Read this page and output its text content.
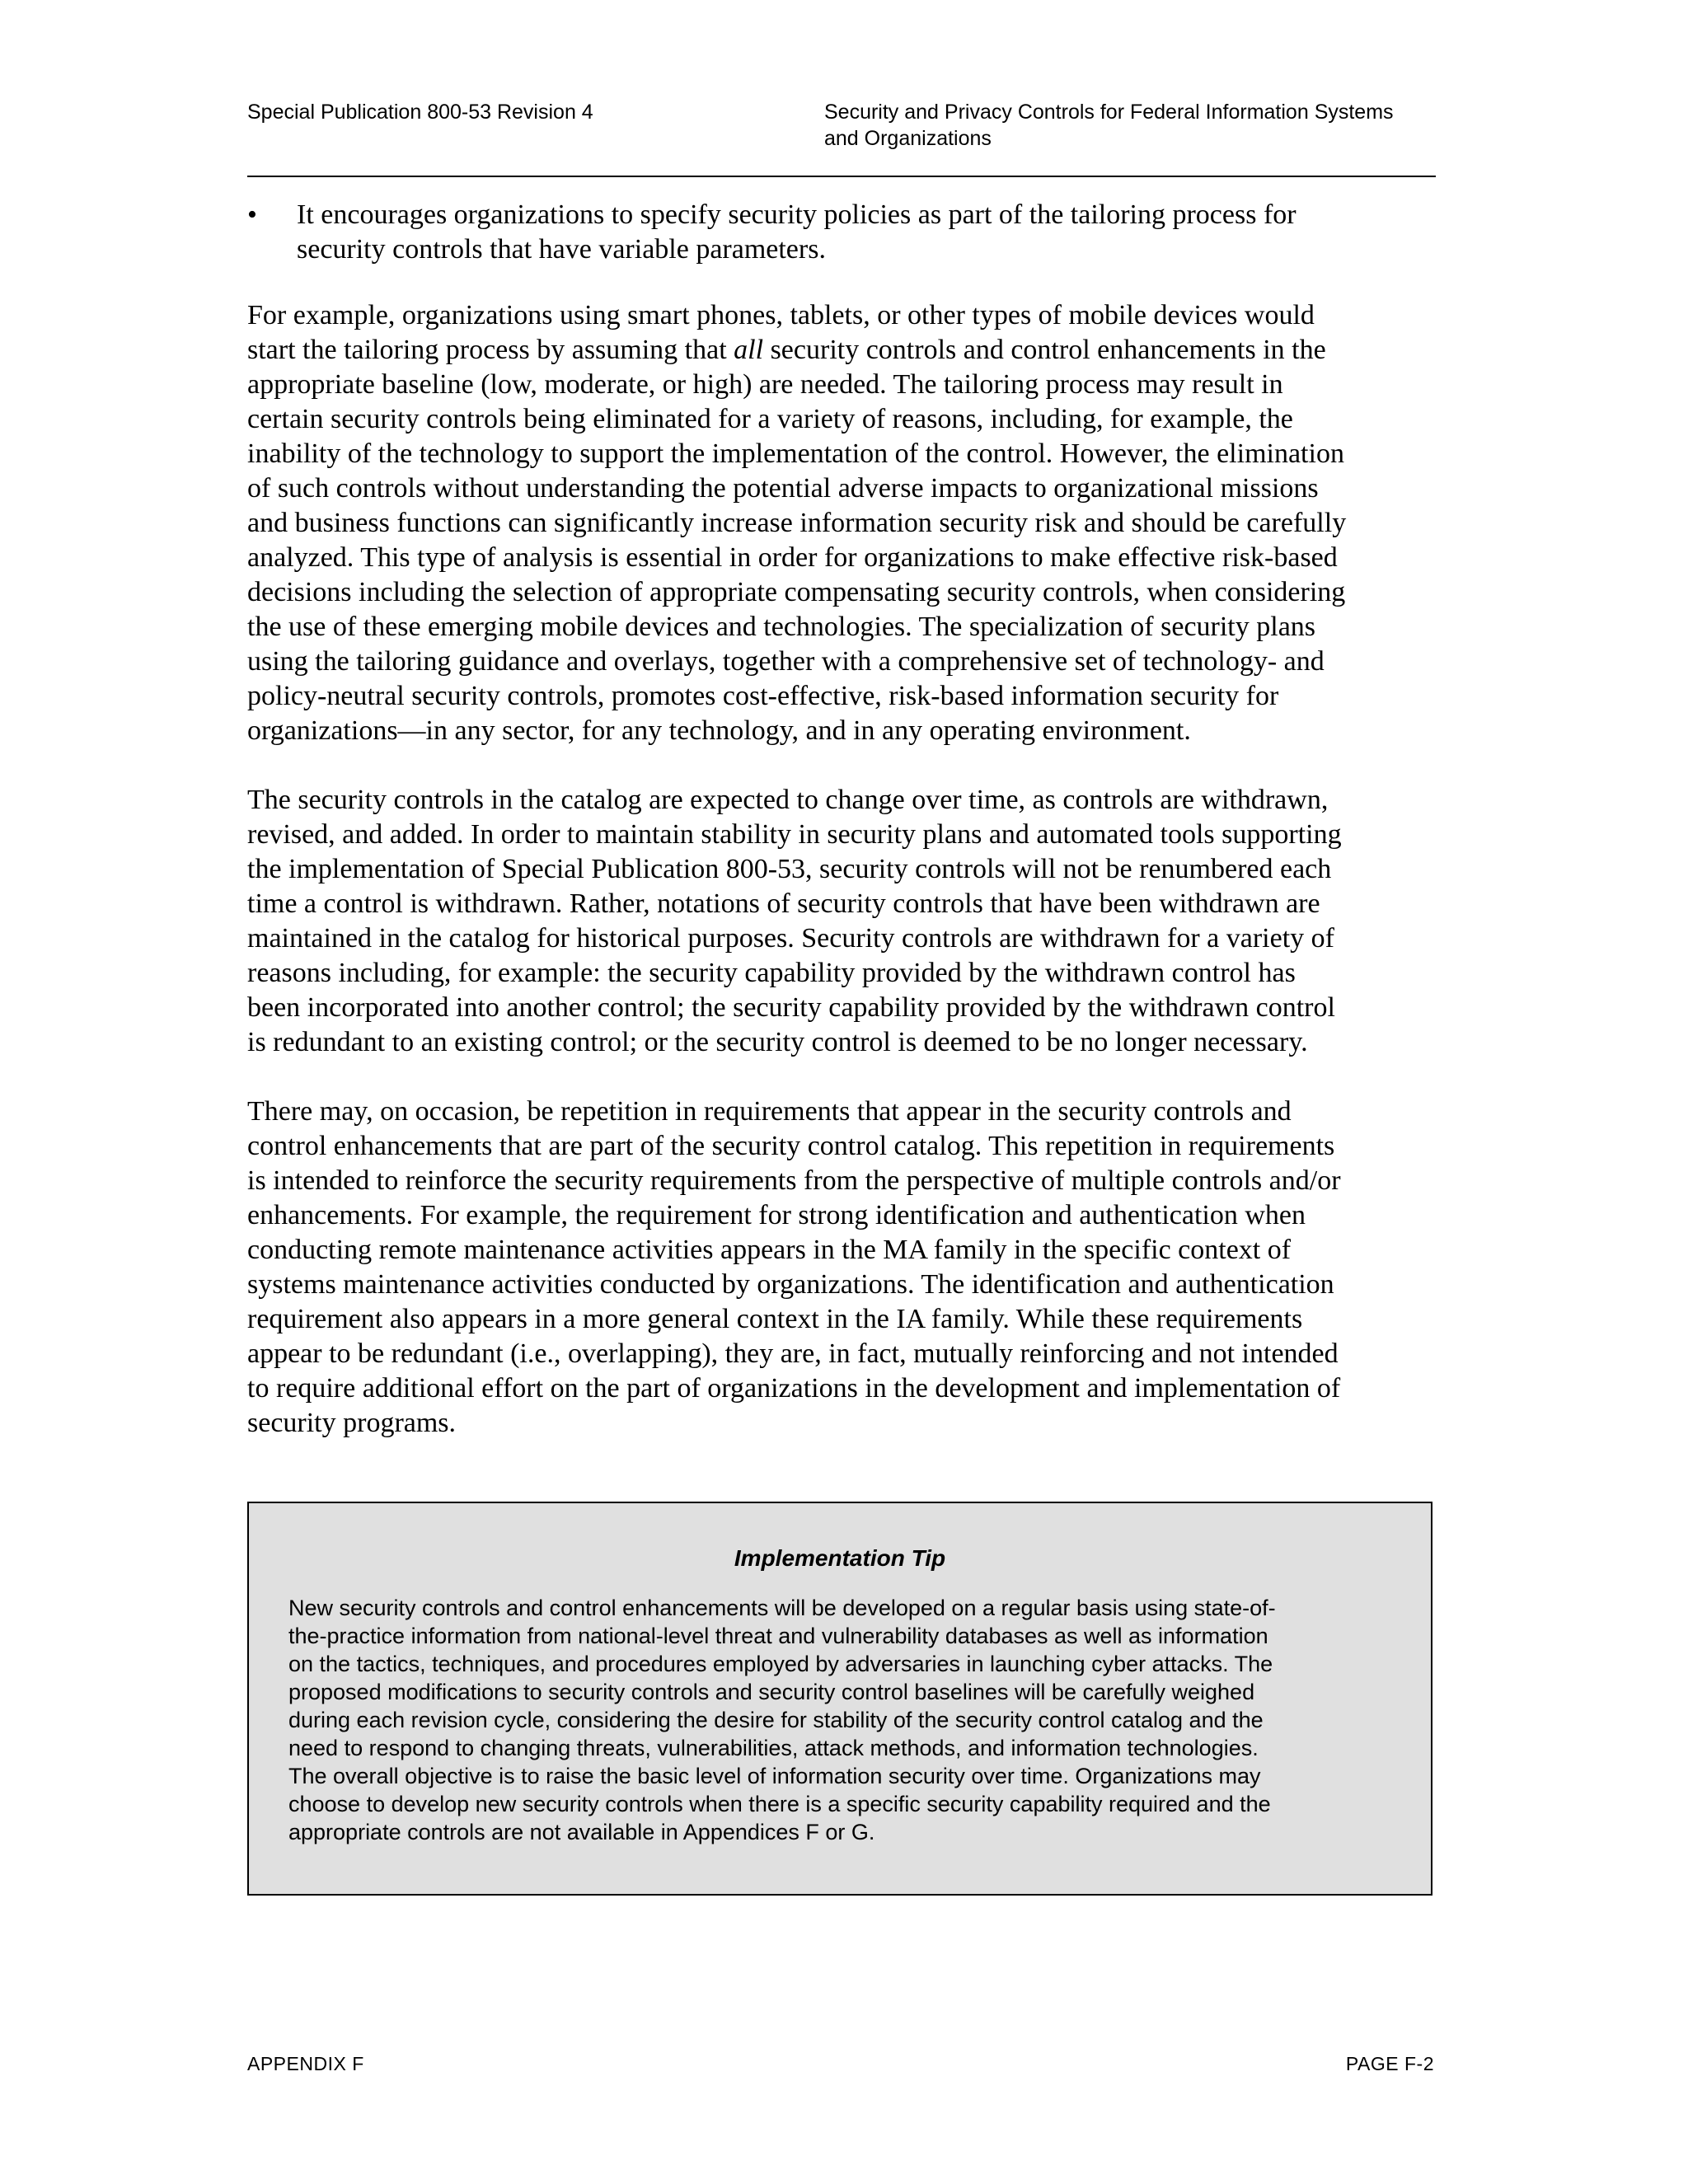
Special Publication 800-53 Revision 4	Security and Privacy Controls for Federal Information Systems
and Organizations
• It encourages organizations to specify security policies as part of the tailoring process for
security controls that have variable parameters.
For example, organizations using smart phones, tablets, or other types of mobile devices would
start the tailoring process by assuming that all security controls and control enhancements in the
appropriate baseline (low, moderate, or high) are needed. The tailoring process may result in
certain security controls being eliminated for a variety of reasons, including, for example, the
inability of the technology to support the implementation of the control. However, the elimination
of such controls without understanding the potential adverse impacts to organizational missions
and business functions can significantly increase information security risk and should be carefully
analyzed. This type of analysis is essential in order for organizations to make effective risk-based
decisions including the selection of appropriate compensating security controls, when considering
the use of these emerging mobile devices and technologies. The specialization of security plans
using the tailoring guidance and overlays, together with a comprehensive set of technology- and
policy-neutral security controls, promotes cost-effective, risk-based information security for
organizations—in any sector, for any technology, and in any operating environment.
The security controls in the catalog are expected to change over time, as controls are withdrawn,
revised, and added. In order to maintain stability in security plans and automated tools supporting
the implementation of Special Publication 800-53, security controls will not be renumbered each
time a control is withdrawn. Rather, notations of security controls that have been withdrawn are
maintained in the catalog for historical purposes. Security controls are withdrawn for a variety of
reasons including, for example: the security capability provided by the withdrawn control has
been incorporated into another control; the security capability provided by the withdrawn control
is redundant to an existing control; or the security control is deemed to be no longer necessary.
There may, on occasion, be repetition in requirements that appear in the security controls and
control enhancements that are part of the security control catalog. This repetition in requirements
is intended to reinforce the security requirements from the perspective of multiple controls and/or
enhancements. For example, the requirement for strong identification and authentication when
conducting remote maintenance activities appears in the MA family in the specific context of
systems maintenance activities conducted by organizations. The identification and authentication
requirement also appears in a more general context in the IA family. While these requirements
appear to be redundant (i.e., overlapping), they are, in fact, mutually reinforcing and not intended
to require additional effort on the part of organizations in the development and implementation of
security programs.
Implementation Tip
New security controls and control enhancements will be developed on a regular basis using state-of-
the-practice information from national-level threat and vulnerability databases as well as information
on the tactics, techniques, and procedures employed by adversaries in launching cyber attacks. The
proposed modifications to security controls and security control baselines will be carefully weighed
during each revision cycle, considering the desire for stability of the security control catalog and the
need to respond to changing threats, vulnerabilities, attack methods, and information technologies.
The overall objective is to raise the basic level of information security over time. Organizations may
choose to develop new security controls when there is a specific security capability required and the
appropriate controls are not available in Appendices F or G.
APPENDIX F	PAGE F-2
